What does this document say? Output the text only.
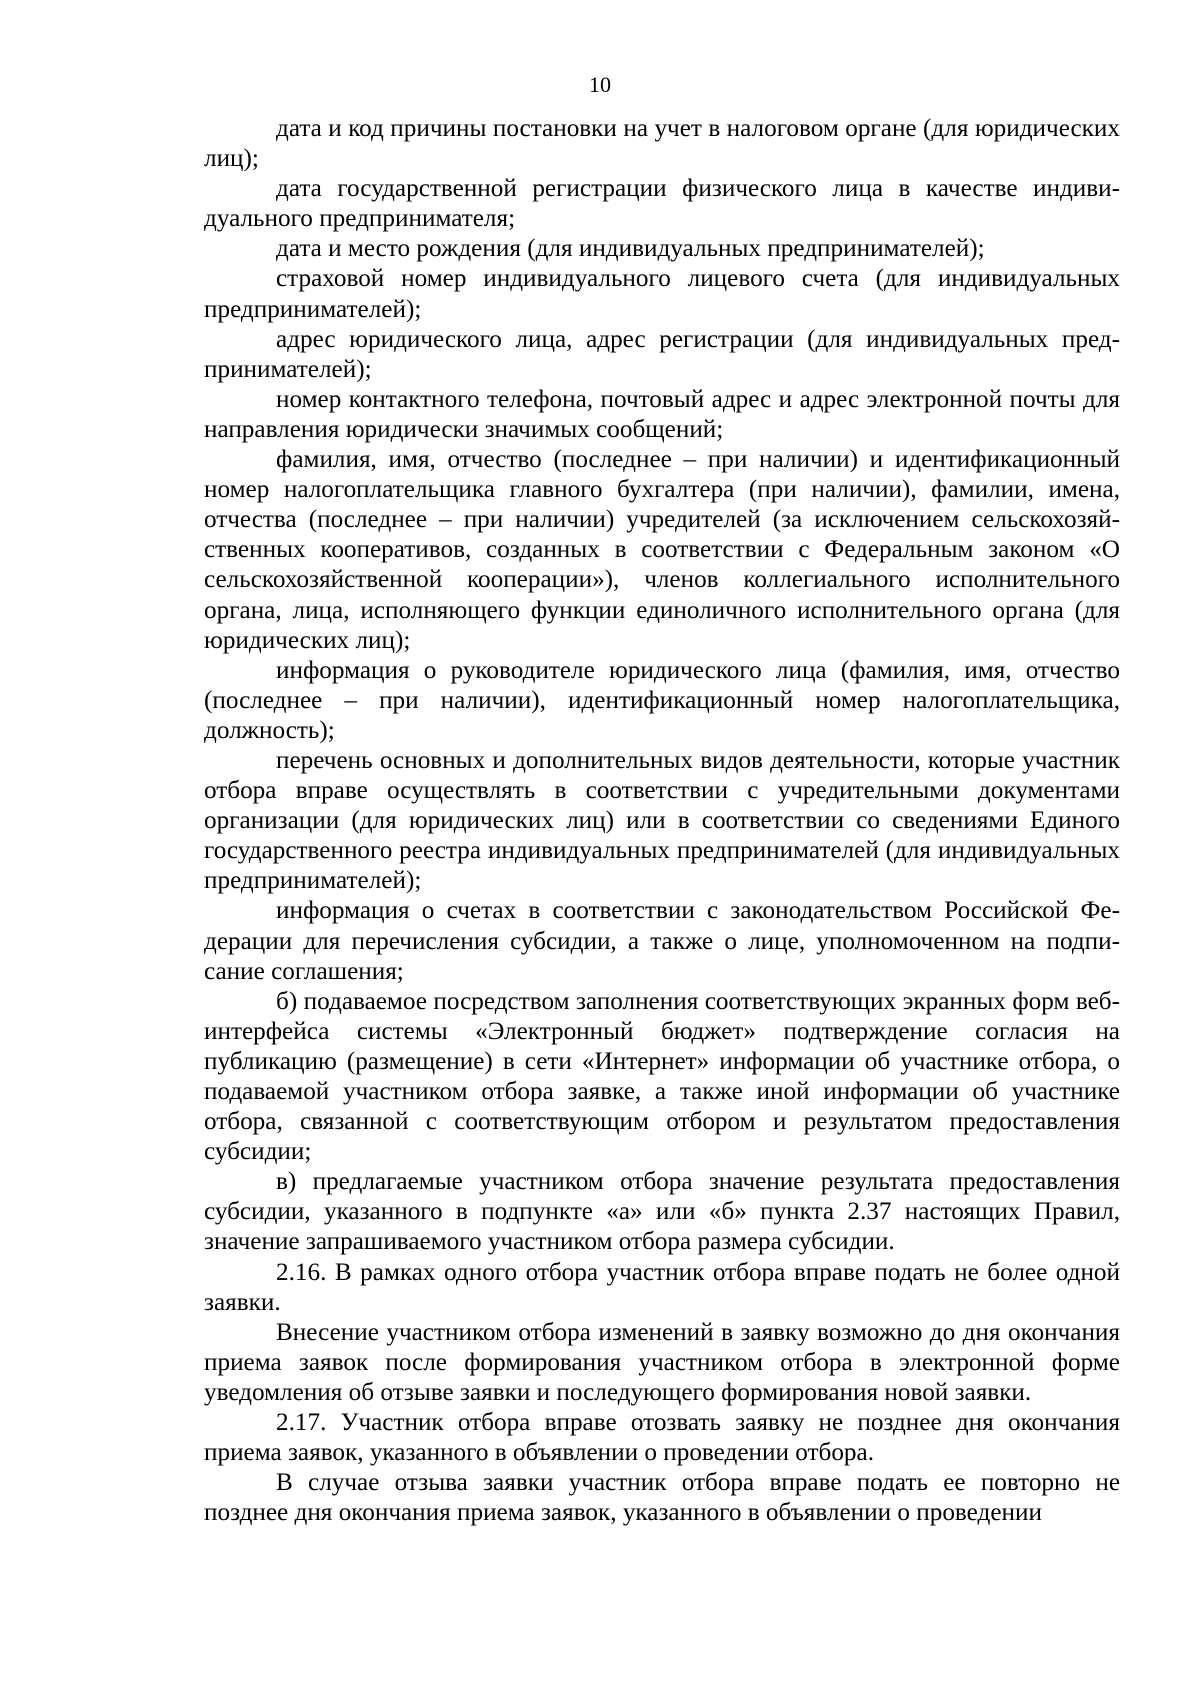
10

дата и код причины постановки на учет в налоговом органе (для юридических лиц);

дата государственной регистрации физического лица в качестве индивидуального предпринимателя;

дата и место рождения (для индивидуальных предпринимателей);

страховой номер индивидуального лицевого счета (для индивидуальных предпринимателей);

адрес юридического лица, адрес регистрации (для индивидуальных предпринимателей);

номер контактного телефона, почтовый адрес и адрес электронной почты для направления юридически значимых сообщений;

фамилия, имя, отчество (последнее – при наличии) и идентификационный номер налогоплательщика главного бухгалтера (при наличии), фамилии, имена, отчества (последнее – при наличии) учредителей (за исключением сельскохозяйственных кооперативов, созданных в соответствии с Федеральным законом «О сельскохозяйственной кооперации»), членов коллегиального исполнительного органа, лица, исполняющего функции единоличного исполнительного органа (для юридических лиц);

информация о руководителе юридического лица (фамилия, имя, отчество (последнее – при наличии), идентификационный номер налогоплательщика, должность);

перечень основных и дополнительных видов деятельности, которые участник отбора вправе осуществлять в соответствии с учредительными документами организации (для юридических лиц) или в соответствии со сведениями Единого государственного реестра индивидуальных предпринимателей (для индивидуальных предпринимателей);

информация о счетах в соответствии с законодательством Российской Федерации для перечисления субсидии, а также о лице, уполномоченном на подписание соглашения;

б) подаваемое посредством заполнения соответствующих экранных форм веб-интерфейса системы «Электронный бюджет» подтверждение согласия на публикацию (размещение) в сети «Интернет» информации об участнике отбора, о подаваемой участником отбора заявке, а также иной информации об участнике отбора, связанной с соответствующим отбором и результатом предоставления субсидии;

в) предлагаемые участником отбора значение результата предоставления субсидии, указанного в подпункте «а» или «б» пункта 2.37 настоящих Правил, значение запрашиваемого участником отбора размера субсидии.

2.16. В рамках одного отбора участник отбора вправе подать не более одной заявки.

Внесение участником отбора изменений в заявку возможно до дня окончания приема заявок после формирования участником отбора в электронной форме уведомления об отзыве заявки и последующего формирования новой заявки.

2.17. Участник отбора вправе отозвать заявку не позднее дня окончания приема заявок, указанного в объявлении о проведении отбора.

В случае отзыва заявки участник отбора вправе подать ее повторно не позднее дня окончания приема заявок, указанного в объявлении о проведении
